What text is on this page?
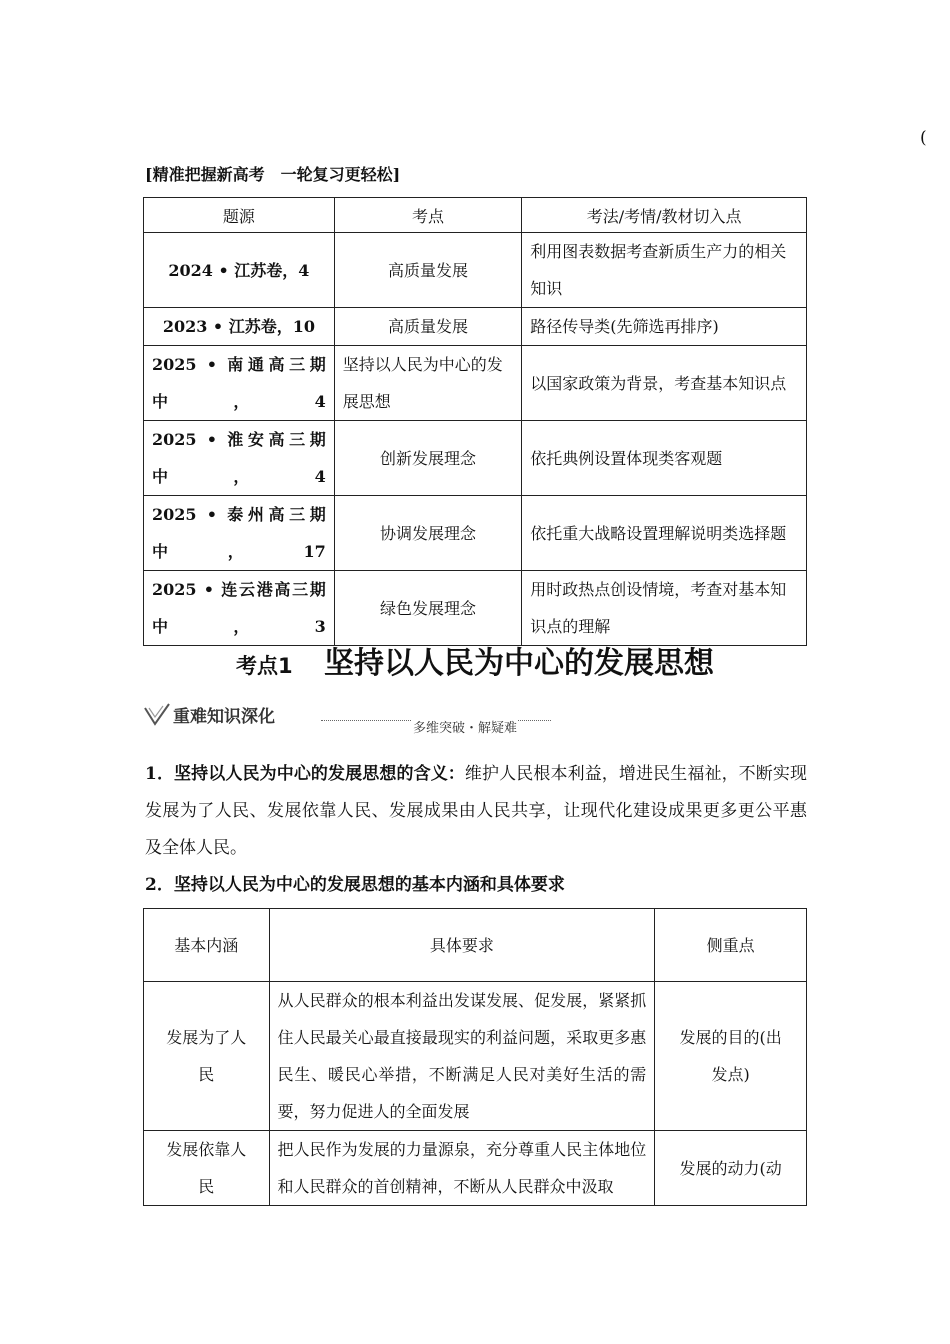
(
[精准把握新高考　一轮复习更轻松]
题源	考点	考法/考情/教材切入点
2024 • 江苏卷，4	高质量发展	利用图表数据考查新质生产力的相关知识
2023 • 江苏卷，10	高质量发展	路径传导类(先筛选再排序)
2025 • 南通高三期中，4	坚持以人民为中心的发展思想	以国家政策为背景，考查基本知识点
2025 • 淮安高三期中，4	创新发展理念	依托典例设置体现类客观题
2025 • 泰州高三期中，17	协调发展理念	依托重大战略设置理解说明类选择题
2025 • 连云港高三期中，3	绿色发展理念	用时政热点创设情境，考查对基本知识点的理解
考点1 坚持以人民为中心的发展思想
重难知识深化
多维突破・解疑难
1．坚持以人民为中心的发展思想的含义：维护人民根本利益，增进民生福祉，不断实现发展为了人民、发展依靠人民、发展成果由人民共享，让现代化建设成果更多更公平惠及全体人民。
2．坚持以人民为中心的发展思想的基本内涵和具体要求
基本内涵	具体要求	侧重点
发展为了人民	从人民群众的根本利益出发谋发展、促发展，紧紧抓住人民最关心最直接最现实的利益问题，采取更多惠民生、暖民心举措，不断满足人民对美好生活的需要，努力促进人的全面发展	发展的目的(出发点)
发展依靠人民	把人民作为发展的力量源泉，充分尊重人民主体地位和人民群众的首创精神，不断从人民群众中汲取	发展的动力(动
